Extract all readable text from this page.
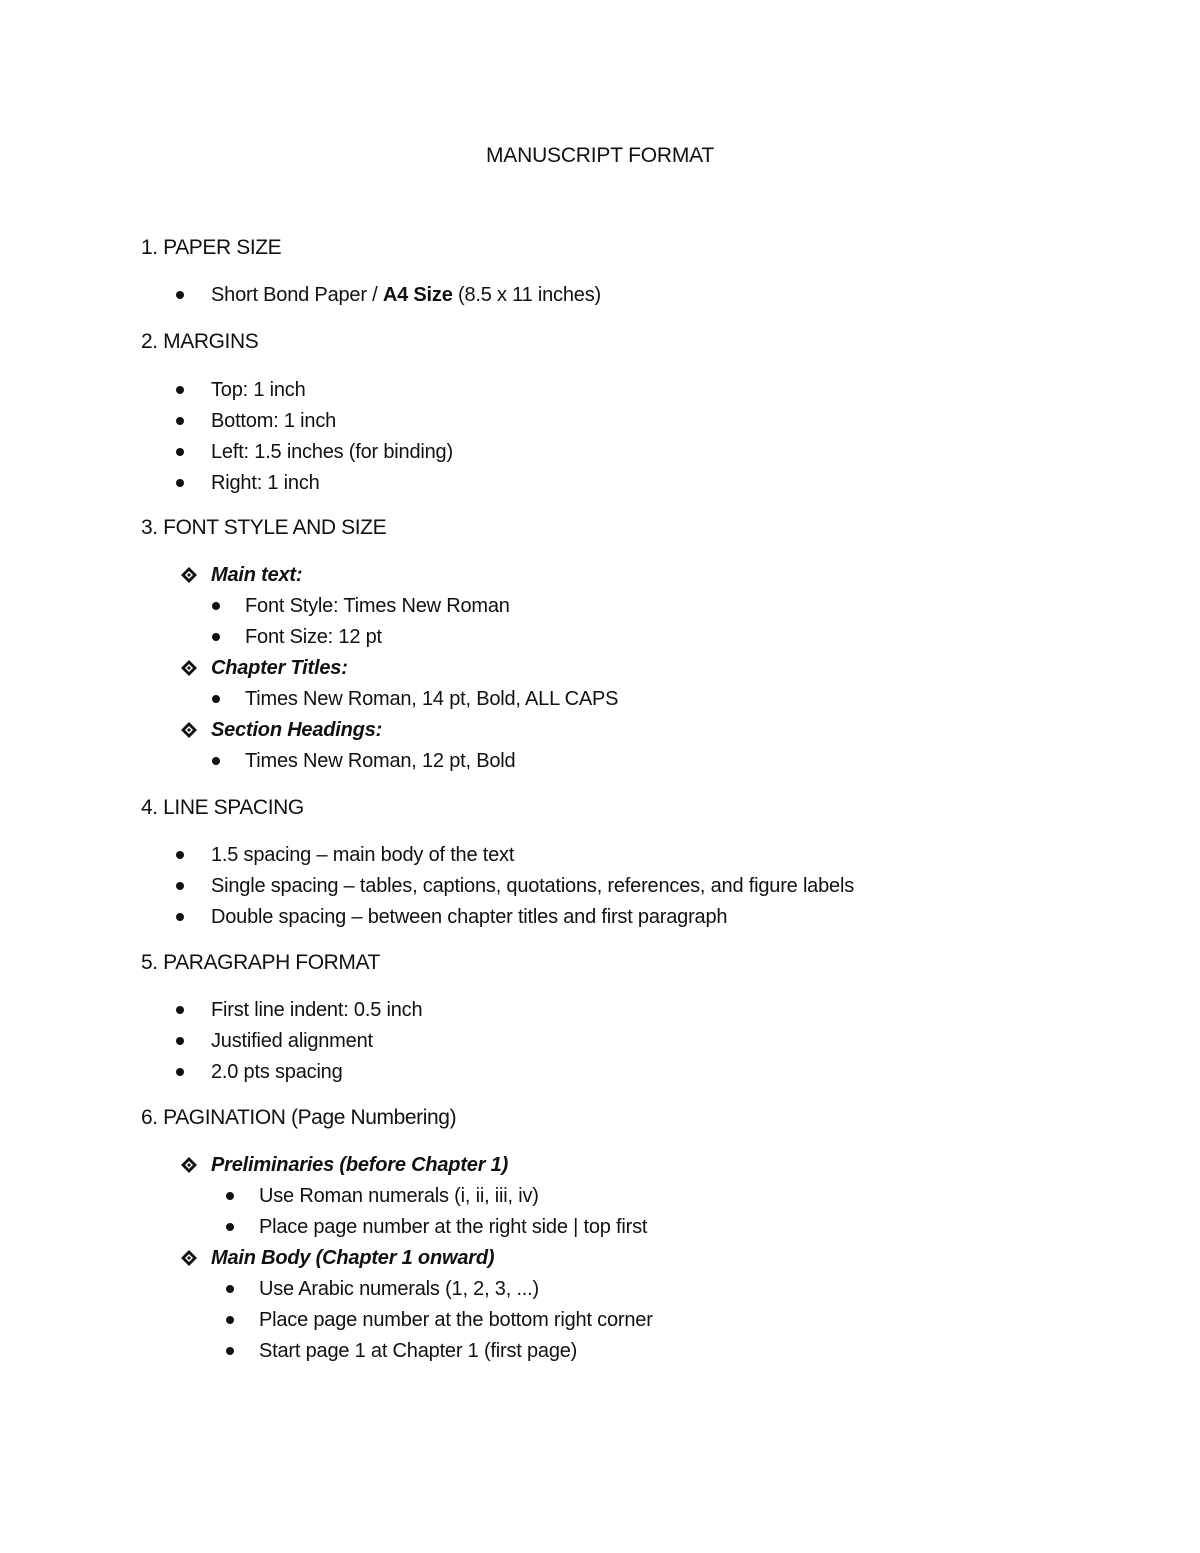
MANUSCRIPT FORMAT
1. PAPER SIZE
Short Bond Paper / A4 Size (8.5 x 11 inches)
2. MARGINS
Top: 1 inch
Bottom: 1 inch
Left: 1.5 inches (for binding)
Right: 1 inch
3. FONT STYLE AND SIZE
Main text:
Font Style: Times New Roman
Font Size: 12 pt
Chapter Titles:
Times New Roman, 14 pt, Bold, ALL CAPS
Section Headings:
Times New Roman, 12 pt, Bold
4. LINE SPACING
1.5 spacing – main body of the text
Single spacing – tables, captions, quotations, references, and figure labels
Double spacing – between chapter titles and first paragraph
5. PARAGRAPH FORMAT
First line indent: 0.5 inch
Justified alignment
2.0 pts spacing
6. PAGINATION (Page Numbering)
Preliminaries (before Chapter 1)
Use Roman numerals (i, ii, iii, iv)
Place page number at the right side | top first
Main Body (Chapter 1 onward)
Use Arabic numerals (1, 2, 3, ...)
Place page number at the bottom right corner
Start page 1 at Chapter 1 (first page)
